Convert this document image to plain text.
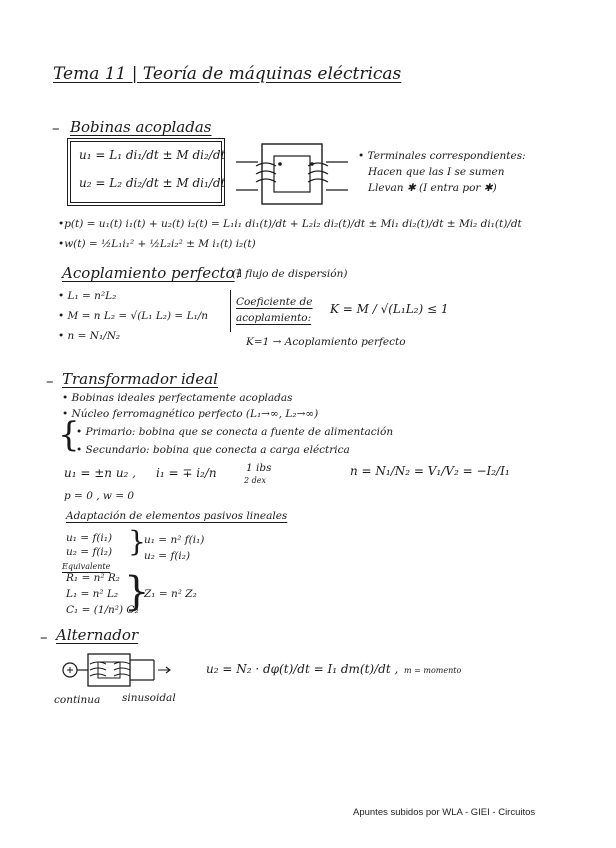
Tema 11 | Teoría de máquinas eléctricas
– Bobinas acopladas
u₁ = L₁ di₁/dt ± M di₂/dt
u₂ = L₂ di₂/dt ± M di₁/dt
• Terminales correspondientes:
Hacen que las I se sumen
Llevan ✱ (I entra por ✱)
•p(t) = u₁(t) i₁(t) + u₂(t) i₂(t) = L₁i₁ di₁(t)/dt + L₂i₂ di₂(t)/dt ± Mi₁ di₂(t)/dt ± Mi₂ di₁(t)/dt
•w(t) = ½L₁i₁² + ½L₂i₂² ± M i₁(t) i₂(t)
Acoplamiento perfecto
(∄ flujo de dispersión)
• L₁ = n²L₂
• M = n L₂ = √(L₁ L₂) = L₁/n
• n = N₁/N₂
Coeficiente de
acoplamiento:
K = M / √(L₁L₂) ≤ 1
K=1 → Acoplamiento perfecto
– Transformador ideal
• Bobinas ideales perfectamente acopladas
• Núcleo ferromagnético perfecto (L₁→∞, L₂→∞)
{
• Primario: bobina que se conecta a fuente de alimentación
• Secundario: bobina que conecta a carga eléctrica
u₁ = ±n u₂ , i₁ = ∓ i₂/n	1 ibs
2 dex
n = N₁/N₂ = V₁/V₂ = −I₂/I₁
p = 0 , w = 0
Adaptación de elementos pasivos lineales
u₁ = f(i₁)
u₂ = f(i₂) }
u₁ = n² f(i₁)
u₂ = f(i₂)
Equivalente
R₁ = n² R₂
L₁ = n² L₂
C₁ = (1/n²) C₂
}
Z₁ = n² Z₂
– Alternador
u₂ = N₂ · dφ(t)/dt = I₁ dm(t)/dt , m = momento
continua sinusoidal
Apuntes subidos por WLA - GIEI - Circuitos
